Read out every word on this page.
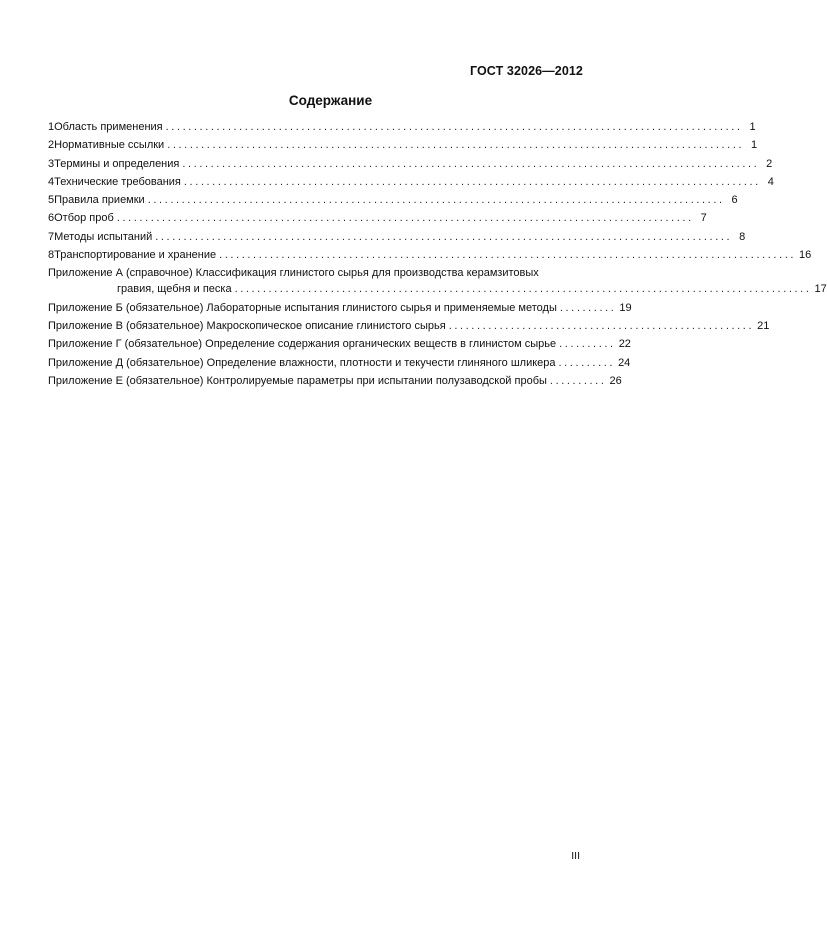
ГОСТ 32026—2012
Содержание
1 Область применения ...................................................................................................... 1
2 Нормативные ссылки ...................................................................................................... 1
3 Термины и определения ...................................................................................................... 2
4 Технические требования ...................................................................................................... 4
5 Правила приемки ...................................................................................................... 6
6 Отбор проб ...................................................................................................... 7
7 Методы испытаний ...................................................................................................... 8
8 Транспортирование и хранение ...................................................................................................... 16
Приложение А (справочное) Классификация глинистого сырья для производства керамзитовых
гравия, щебня и песка ...................................................................................................... 17
Приложение Б (обязательное) Лабораторные испытания глинистого сырья и применяемые методы .......... 19
Приложение В (обязательное) Макроскопическое описание глинистого сырья ...................................................... 21
Приложение Г (обязательное) Определение содержания органических веществ в глинистом сырье .......... 22
Приложение Д (обязательное) Определение влажности, плотности и текучести глиняного шликера .......... 24
Приложение Е (обязательное) Контролируемые параметры при испытании полузаводской пробы .......... 26
III
